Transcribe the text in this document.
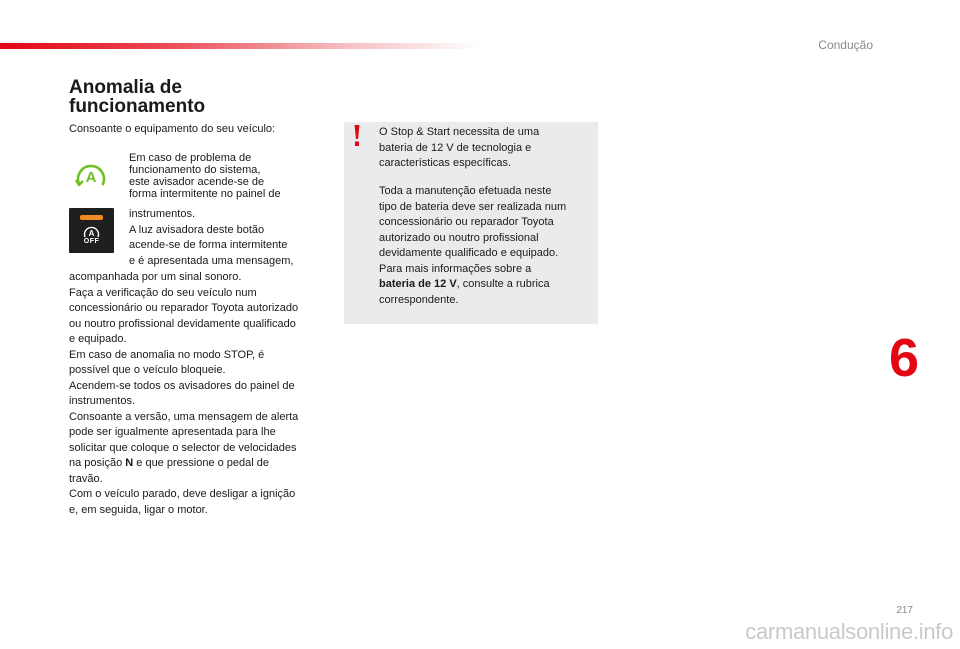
Condução
Anomalia de
funcionamento
Consoante o equipamento do seu veículo:
A
A
OFF
Em caso de problema de
funcionamento do sistema,
este avisador acende-se de
forma intermitente no painel de
instrumentos.
A luz avisadora deste botão
acende-se de forma intermitente
e é apresentada uma mensagem,
acompanhada por um sinal sonoro.
Faça a verificação do seu veículo num
concessionário ou reparador Toyota autorizado
ou noutro profissional devidamente qualificado
e equipado.
Em caso de anomalia no modo STOP, é
possível que o veículo bloqueie.
Acendem-se todos os avisadores do painel de
instrumentos.
Consoante a versão, uma mensagem de alerta
pode ser igualmente apresentada para lhe
solicitar que coloque o selector de velocidades
na posição N e que pressione o pedal de
travão.
Com o veículo parado, deve desligar a ignição
e, em seguida, ligar o motor.
O Stop & Start necessita de uma
bateria de 12 V de tecnologia e
características específicas.
Toda a manutenção efetuada neste
tipo de bateria deve ser realizada num
concessionário ou reparador Toyota
autorizado ou noutro profissional
devidamente qualificado e equipado.
Para mais informações sobre a
bateria de 12 V, consulte a rubrica
correspondente.
6
217
carmanualsonline.info
